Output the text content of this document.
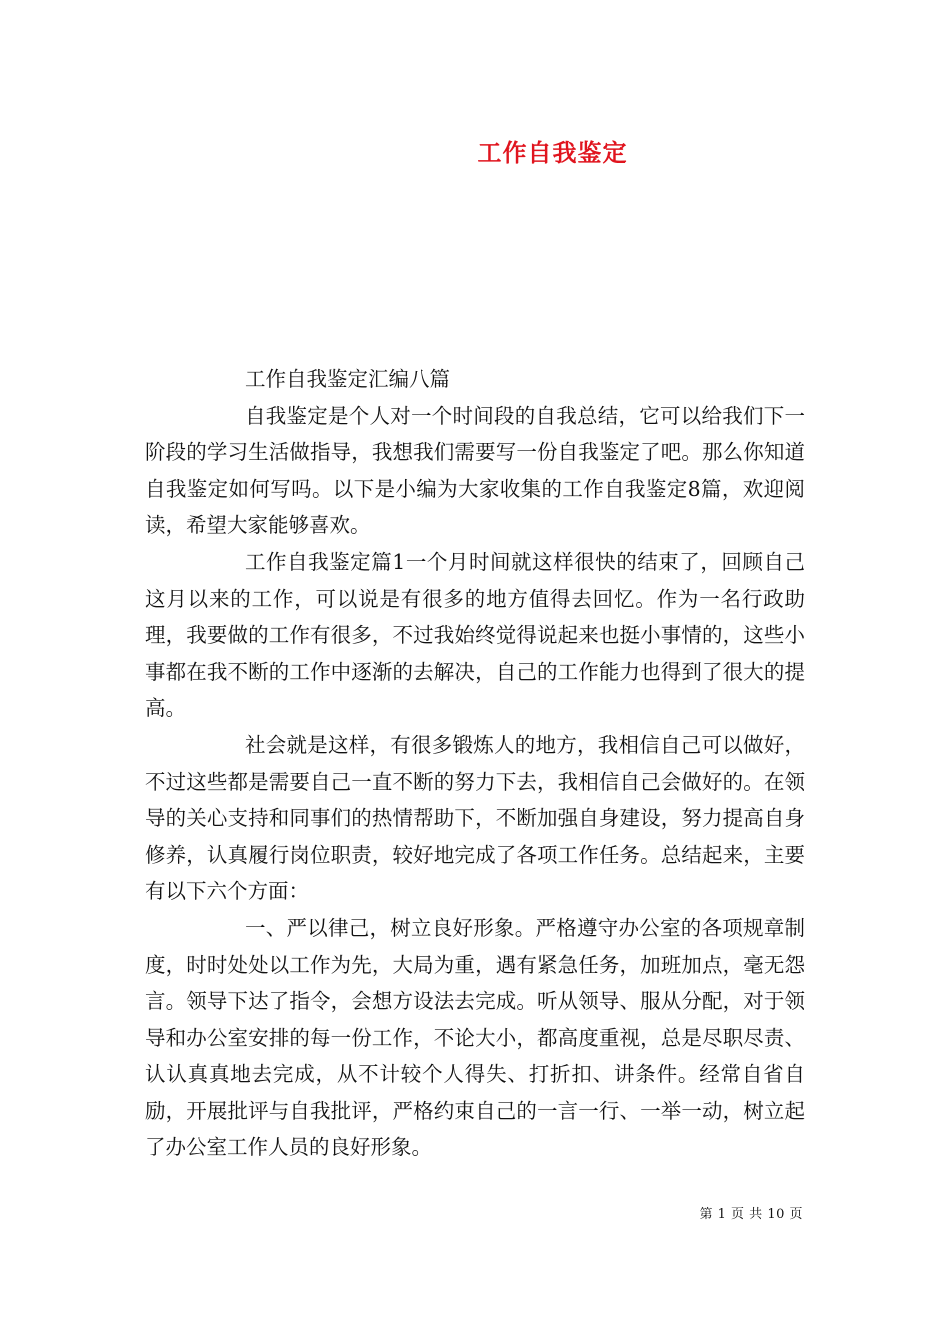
工作自我鉴定

工作自我鉴定汇编八篇

自我鉴定是个人对一个时间段的自我总结，它可以给我们下一阶段的学习生活做指导，我想我们需要写一份自我鉴定了吧。那么你知道自我鉴定如何写吗。以下是小编为大家收集的工作自我鉴定8篇，欢迎阅读，希望大家能够喜欢。

工作自我鉴定篇1一个月时间就这样很快的结束了，回顾自己这月以来的工作，可以说是有很多的地方值得去回忆。作为一名行政助理，我要做的工作有很多，不过我始终觉得说起来也挺小事情的，这些小事都在我不断的工作中逐渐的去解决，自己的工作能力也得到了很大的提高。

社会就是这样，有很多锻炼人的地方，我相信自己可以做好，不过这些都是需要自己一直不断的努力下去，我相信自己会做好的。在领导的关心支持和同事们的热情帮助下，不断加强自身建设，努力提高自身修养，认真履行岗位职责，较好地完成了各项工作任务。总结起来，主要有以下六个方面：

一、严以律己，树立良好形象。严格遵守办公室的各项规章制度，时时处处以工作为先，大局为重，遇有紧急任务，加班加点，毫无怨言。领导下达了指令，会想方设法去完成。听从领导、服从分配，对于领导和办公室安排的每一份工作，不论大小，都高度重视，总是尽职尽责、认认真真地去完成，从不计较个人得失、打折扣、讲条件。经常自省自励，开展批评与自我批评，严格约束自己的一言一行、一举一动，树立起了办公室工作人员的良好形象。

第 1 页 共 10 页
